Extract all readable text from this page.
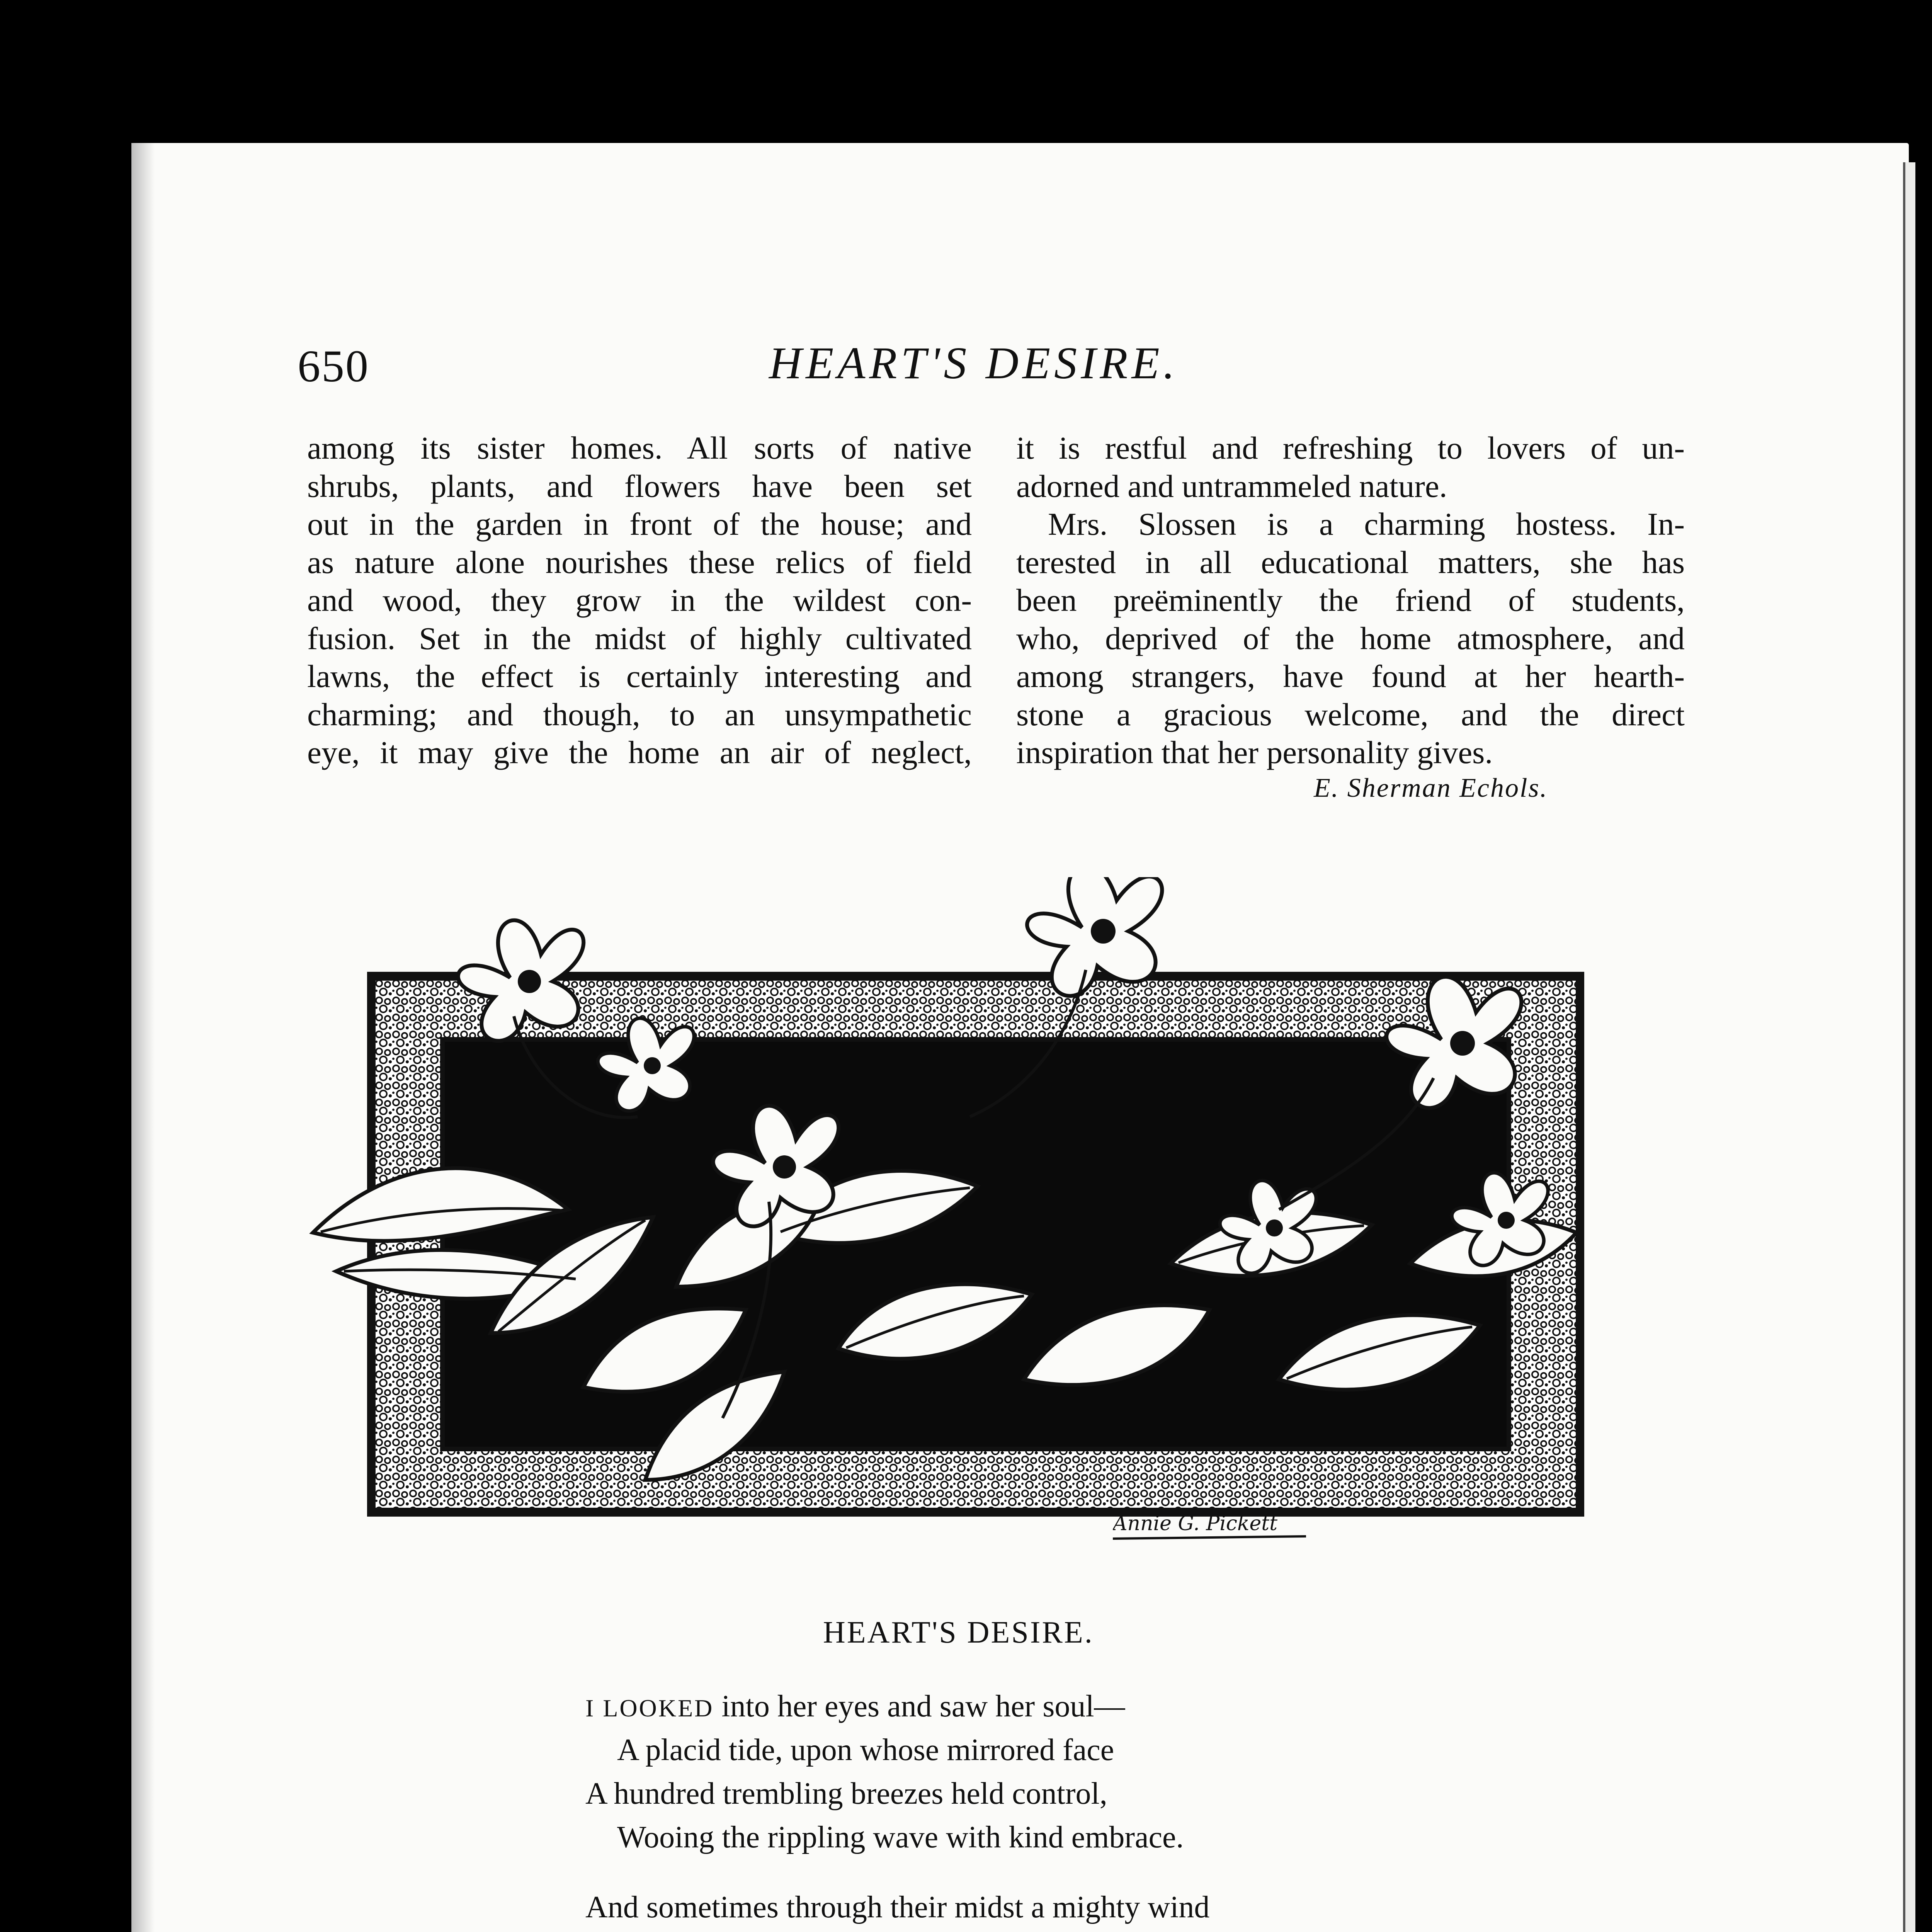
650	HEART'S DESIRE.
among its sister homes. All sorts of native
shrubs, plants, and flowers have been set
out in the garden in front of the house; and
as nature alone nourishes these relics of field
and wood, they grow in the wildest con-
fusion. Set in the midst of highly cultivated
lawns, the effect is certainly interesting and
charming; and though, to an unsympathetic
eye, it may give the home an air of neglect,
it is restful and refreshing to lovers of un-
adorned and untrammeled nature.
Mrs. Slossen is a charming hostess. In-
terested in all educational matters, she has
been preëminently the friend of students,
who, deprived of the home atmosphere, and
among strangers, have found at her hearth-
stone a gracious welcome, and the direct
inspiration that her personality gives.
E. Sherman Echols.
Annie G. Pickett
HEART'S DESIRE.
I LOOKED into her eyes and saw her soul—
A placid tide, upon whose mirrored face
A hundred trembling breezes held control,
Wooing the rippling wave with kind embrace.
And sometimes through their midst a mighty wind
